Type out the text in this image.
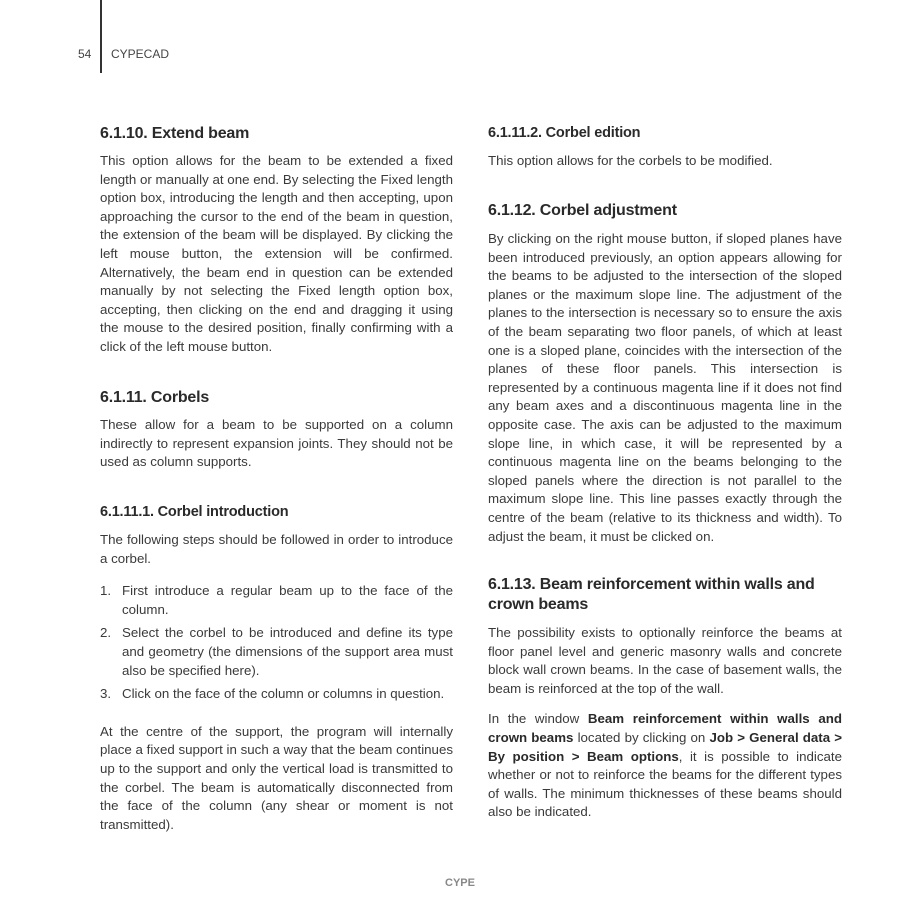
54 CYPECAD
6.1.10. Extend beam

This option allows for the beam to be extended a fixed length or manually at one end. By selecting the Fixed length option box, introducing the length and then accepting, upon approaching the cursor to the end of the beam in question, the extension of the beam will be displayed. By clicking the left mouse button, the extension will be confirmed. Alternatively, the beam end in question can be extended manually by not selecting the Fixed length option box, accepting, then clicking on the end and dragging it using the mouse to the desired position, finally confirming with a click of the left mouse button.

6.1.11. Corbels

These allow for a beam to be supported on a column indirectly to represent expansion joints. They should not be used as column supports.

6.1.11.1. Corbel introduction

The following steps should be followed in order to introduce a corbel.

1. First introduce a regular beam up to the face of the column.
2. Select the corbel to be introduced and define its type and geometry (the dimensions of the support area must also be specified here).
3. Click on the face of the column or columns in question.

At the centre of the support, the program will internally place a fixed support in such a way that the beam continues up to the support and only the vertical load is transmitted to the corbel. The beam is automatically disconnected from the face of the column (any shear or moment is not transmitted).

6.1.11.2. Corbel edition

This option allows for the corbels to be modified.

6.1.12. Corbel adjustment

By clicking on the right mouse button, if sloped planes have been introduced previously, an option appears allowing for the beams to be adjusted to the intersection of the sloped planes or the maximum slope line. The adjustment of the planes to the intersection is necessary so to ensure the axis of the beam separating two floor panels, of which at least one is a sloped plane, coincides with the intersection of the planes of these floor panels. This intersection is represented by a continuous magenta line if it does not find any beam axes and a discontinuous magenta line in the opposite case. The axis can be adjusted to the maximum slope line, in which case, it will be represented by a continuous magenta line on the beams belonging to the sloped panels where the direction is not parallel to the maximum slope line. This line passes exactly through the centre of the beam (relative to its thickness and width). To adjust the beam, it must be clicked on.

6.1.13. Beam reinforcement within walls and crown beams

The possibility exists to optionally reinforce the beams at floor panel level and generic masonry walls and concrete block wall crown beams. In the case of basement walls, the beam is reinforced at the top of the wall.

In the window Beam reinforcement within walls and crown beams located by clicking on Job > General data > By position > Beam options, it is possible to indicate whether or not to reinforce the beams for the different types of walls. The minimum thicknesses of these beams should also be indicated.

CYPE
